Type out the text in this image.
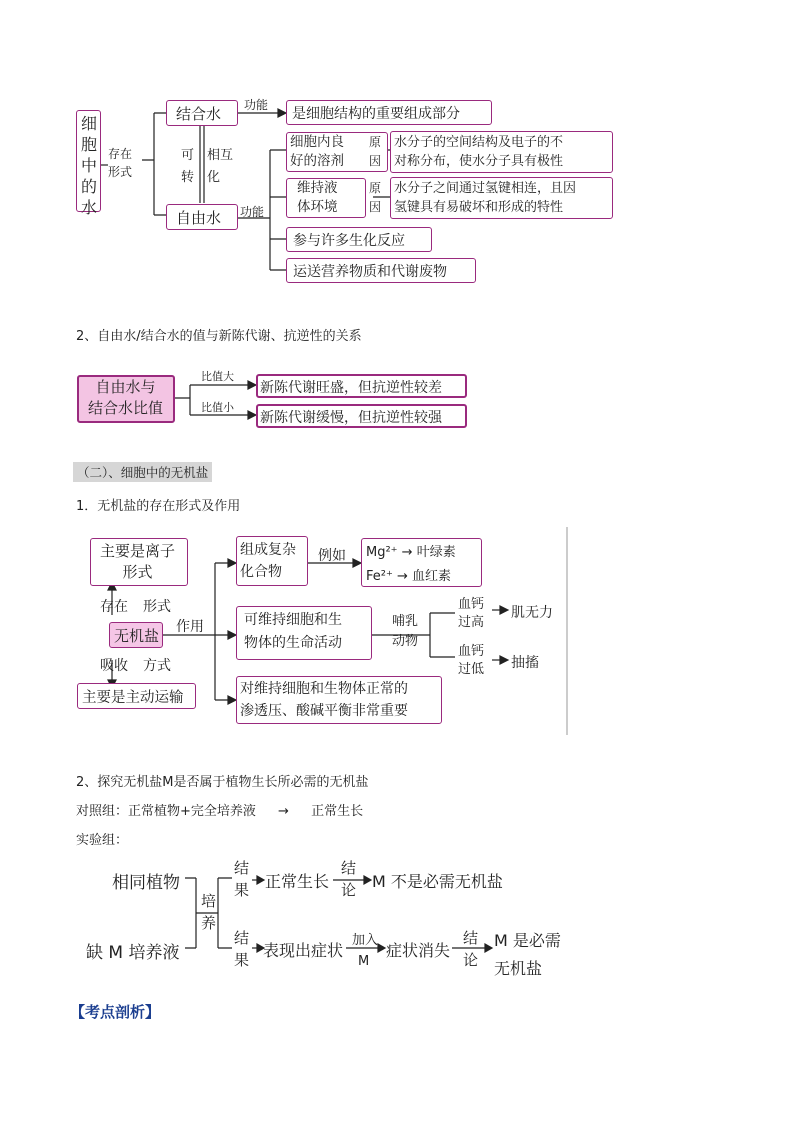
细
胞
中
的
水
存在
形式
结合水
自由水
可
转
相互
化
功能
功能
是细胞结构的重要组成部分
细胞内良
好的溶剂
原
因
水分子的空间结构及电子的不
对称分布，使水分子具有极性
维持液
体环境
原
因
水分子之间通过氢键相连，且因
氢键具有易破坏和形成的特性
参与许多生化反应
运送营养物质和代谢废物
2、自由水/结合水的值与新陈代谢、抗逆性的关系
自由水与
结合水比值
比值大
比值小
新陈代谢旺盛，但抗逆性较差
新陈代谢缓慢，但抗逆性较强
（二）、细胞中的无机盐
1．无机盐的存在形式及作用
主要是离子
形式
存在 形式
无机盐 作用
吸收 方式
主要是主动运输
组成复杂
化合物
例如 Mg²⁺ → 叶绿素
Fe²⁺ → 血红素
可维持细胞和生
物体的生命活动
哺乳
动物
血钙
过高
血钙
过低
肌无力
抽搐
对维持细胞和生物体正常的
渗透压、酸碱平衡非常重要
2、探究无机盐M是否属于植物生长所必需的无机盐
对照组：正常植物+完全培养液 → 正常生长
实验组：
相同植物
缺 M 培养液
培
养
结
果
结
果
正常生长
结
论 M 不是必需无机盐
表现出症状
加入
M
症状消失
结
论
M 是必需
无机盐
【考点剖析】
